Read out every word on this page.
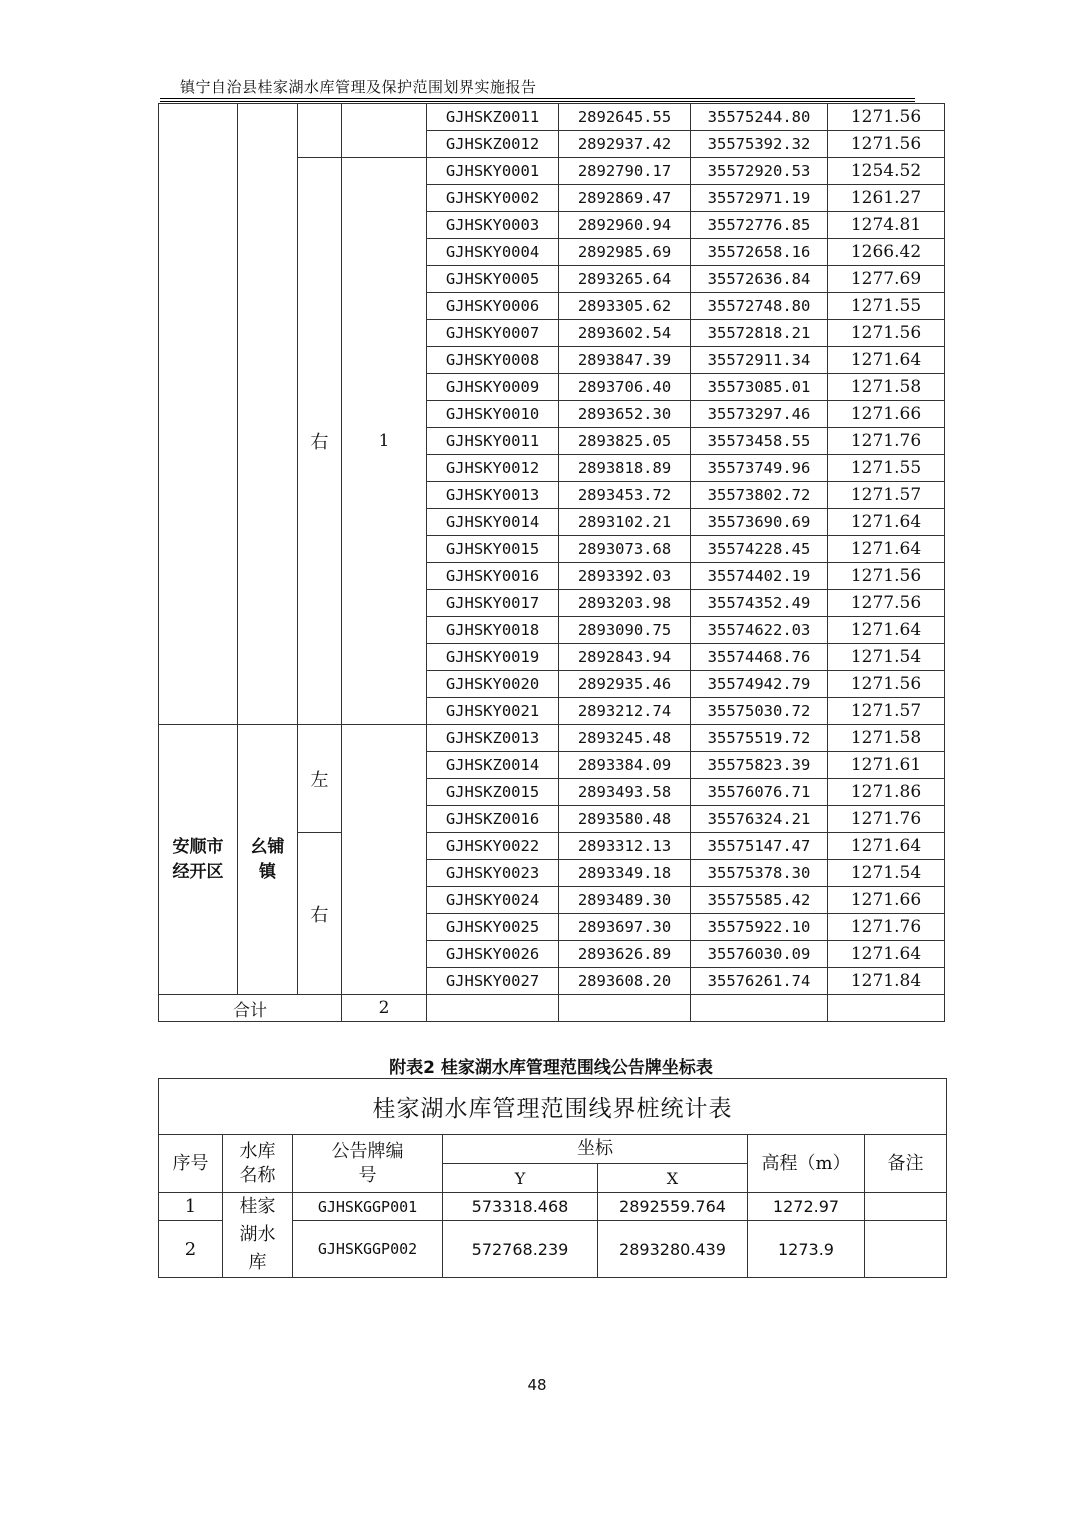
镇宁自治县桂家湖水库管理及保护范围划界实施报告
				GJHSKZ0011	2892645.55	35575244.80	1271.56
				GJHSKZ0012	2892937.42	35575392.32	1271.56
		右	1	GJHSKY0001	2892790.17	35572920.53	1254.52
				GJHSKY0002	2892869.47	35572971.19	1261.27
				GJHSKY0003	2892960.94	35572776.85	1274.81
				GJHSKY0004	2892985.69	35572658.16	1266.42
				GJHSKY0005	2893265.64	35572636.84	1277.69
				GJHSKY0006	2893305.62	35572748.80	1271.55
				GJHSKY0007	2893602.54	35572818.21	1271.56
				GJHSKY0008	2893847.39	35572911.34	1271.64
				GJHSKY0009	2893706.40	35573085.01	1271.58
				GJHSKY0010	2893652.30	35573297.46	1271.66
				GJHSKY0011	2893825.05	35573458.55	1271.76
				GJHSKY0012	2893818.89	35573749.96	1271.55
				GJHSKY0013	2893453.72	35573802.72	1271.57
				GJHSKY0014	2893102.21	35573690.69	1271.64
				GJHSKY0015	2893073.68	35574228.45	1271.64
				GJHSKY0016	2893392.03	35574402.19	1271.56
				GJHSKY0017	2893203.98	35574352.49	1277.56
				GJHSKY0018	2893090.75	35574622.03	1271.64
				GJHSKY0019	2892843.94	35574468.76	1271.54
				GJHSKY0020	2892935.46	35574942.79	1271.56
				GJHSKY0021	2893212.74	35575030.72	1271.57
安顺市经开区	幺铺镇	左		GJHSKZ0013	2893245.48	35575519.72	1271.58
				GJHSKZ0014	2893384.09	35575823.39	1271.61
				GJHSKZ0015	2893493.58	35576076.71	1271.86
				GJHSKZ0016	2893580.48	35576324.21	1271.76
		右		GJHSKY0022	2893312.13	35575147.47	1271.64
				GJHSKY0023	2893349.18	35575378.30	1271.54
				GJHSKY0024	2893489.30	35575585.42	1271.66
				GJHSKY0025	2893697.30	35575922.10	1271.76
				GJHSKY0026	2893626.89	35576030.09	1271.64
				GJHSKY0027	2893608.20	35576261.74	1271.84
合计			2				
附表2 桂家湖水库管理范围线公告牌坐标表
桂家湖水库管理范围线界桩统计表						
序号	水库名称	公告牌编号	坐标		高程（m）	备注
			Y	X		
1	桂家湖水库	GJHSKGGP001	573318.468	2892559.764	1272.97	
2		GJHSKGGP002	572768.239	2893280.439	1273.9	
48
